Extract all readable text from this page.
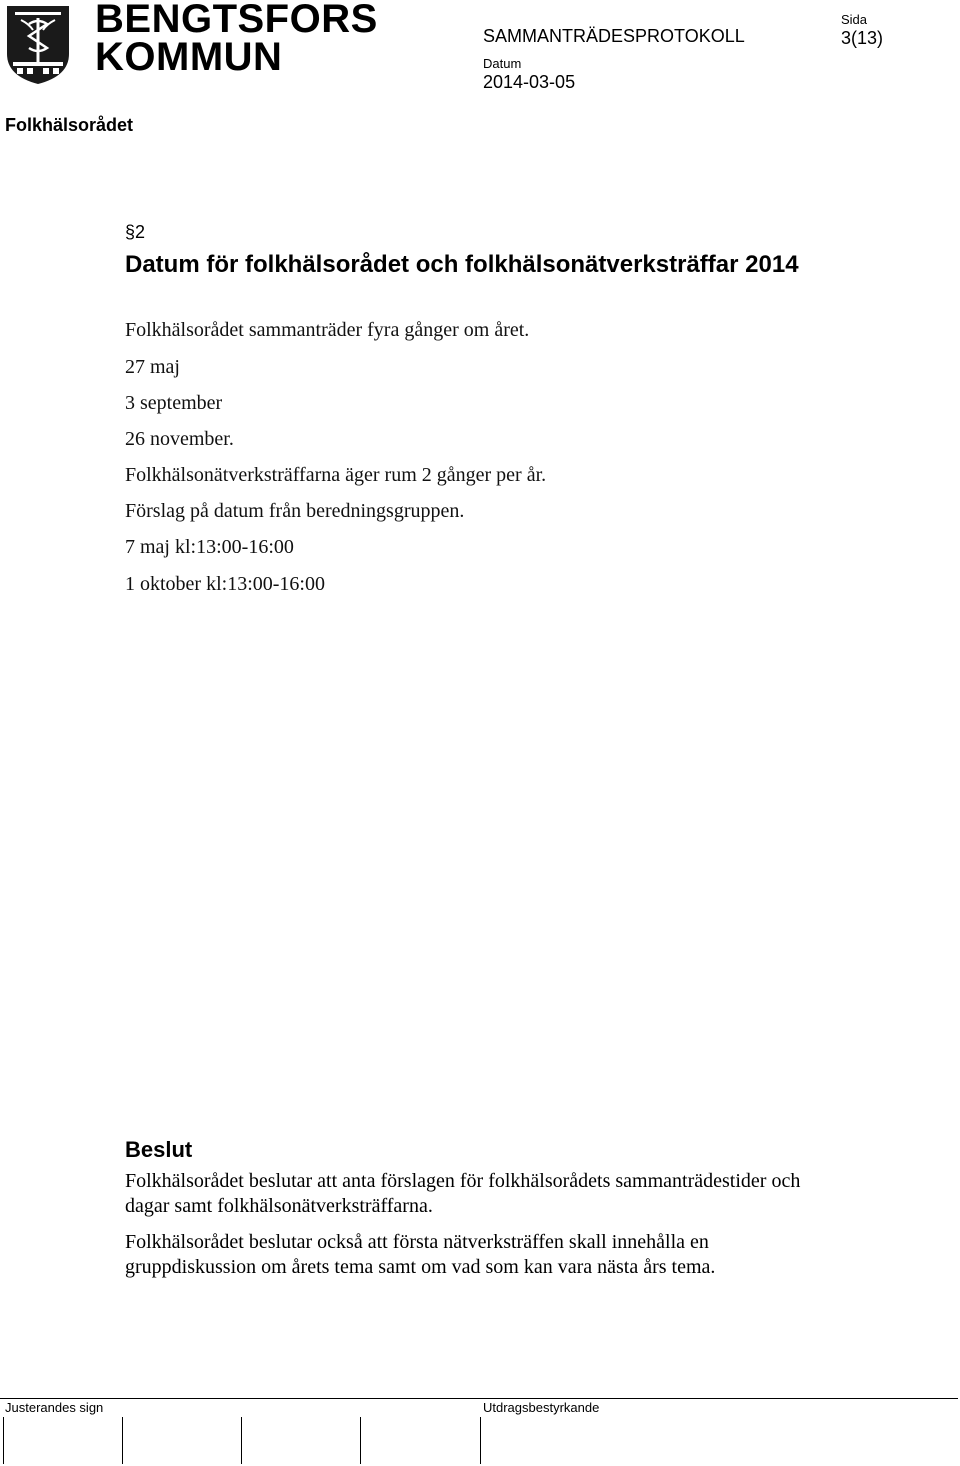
BENGTSFORS
KOMMUN	SAMMANTRÄDESPROTOKOLL
Sida
3(13)
Datum
2014-03-05
Folkhälsorådet
§2
Datum för folkhälsorådet och folkhälsonätverksträffar 2014
Folkhälsorådet sammanträder fyra gånger om året.
27 maj
3 september
26 november.
Folkhälsonätverksträffarna äger rum 2 gånger per år.
Förslag på datum från beredningsgruppen.
7 maj kl:13:00-16:00
1 oktober kl:13:00-16:00
Beslut
Folkhälsorådet beslutar att anta förslagen för folkhälsorådets sammanträdestider och dagar samt folkhälsonätverksträffarna.
Folkhälsorådet beslutar också att första nätverksträffen skall innehålla en gruppdiskussion om årets tema samt om vad som kan vara nästa års tema.
Justerandes sign	Utdragsbestyrkande
